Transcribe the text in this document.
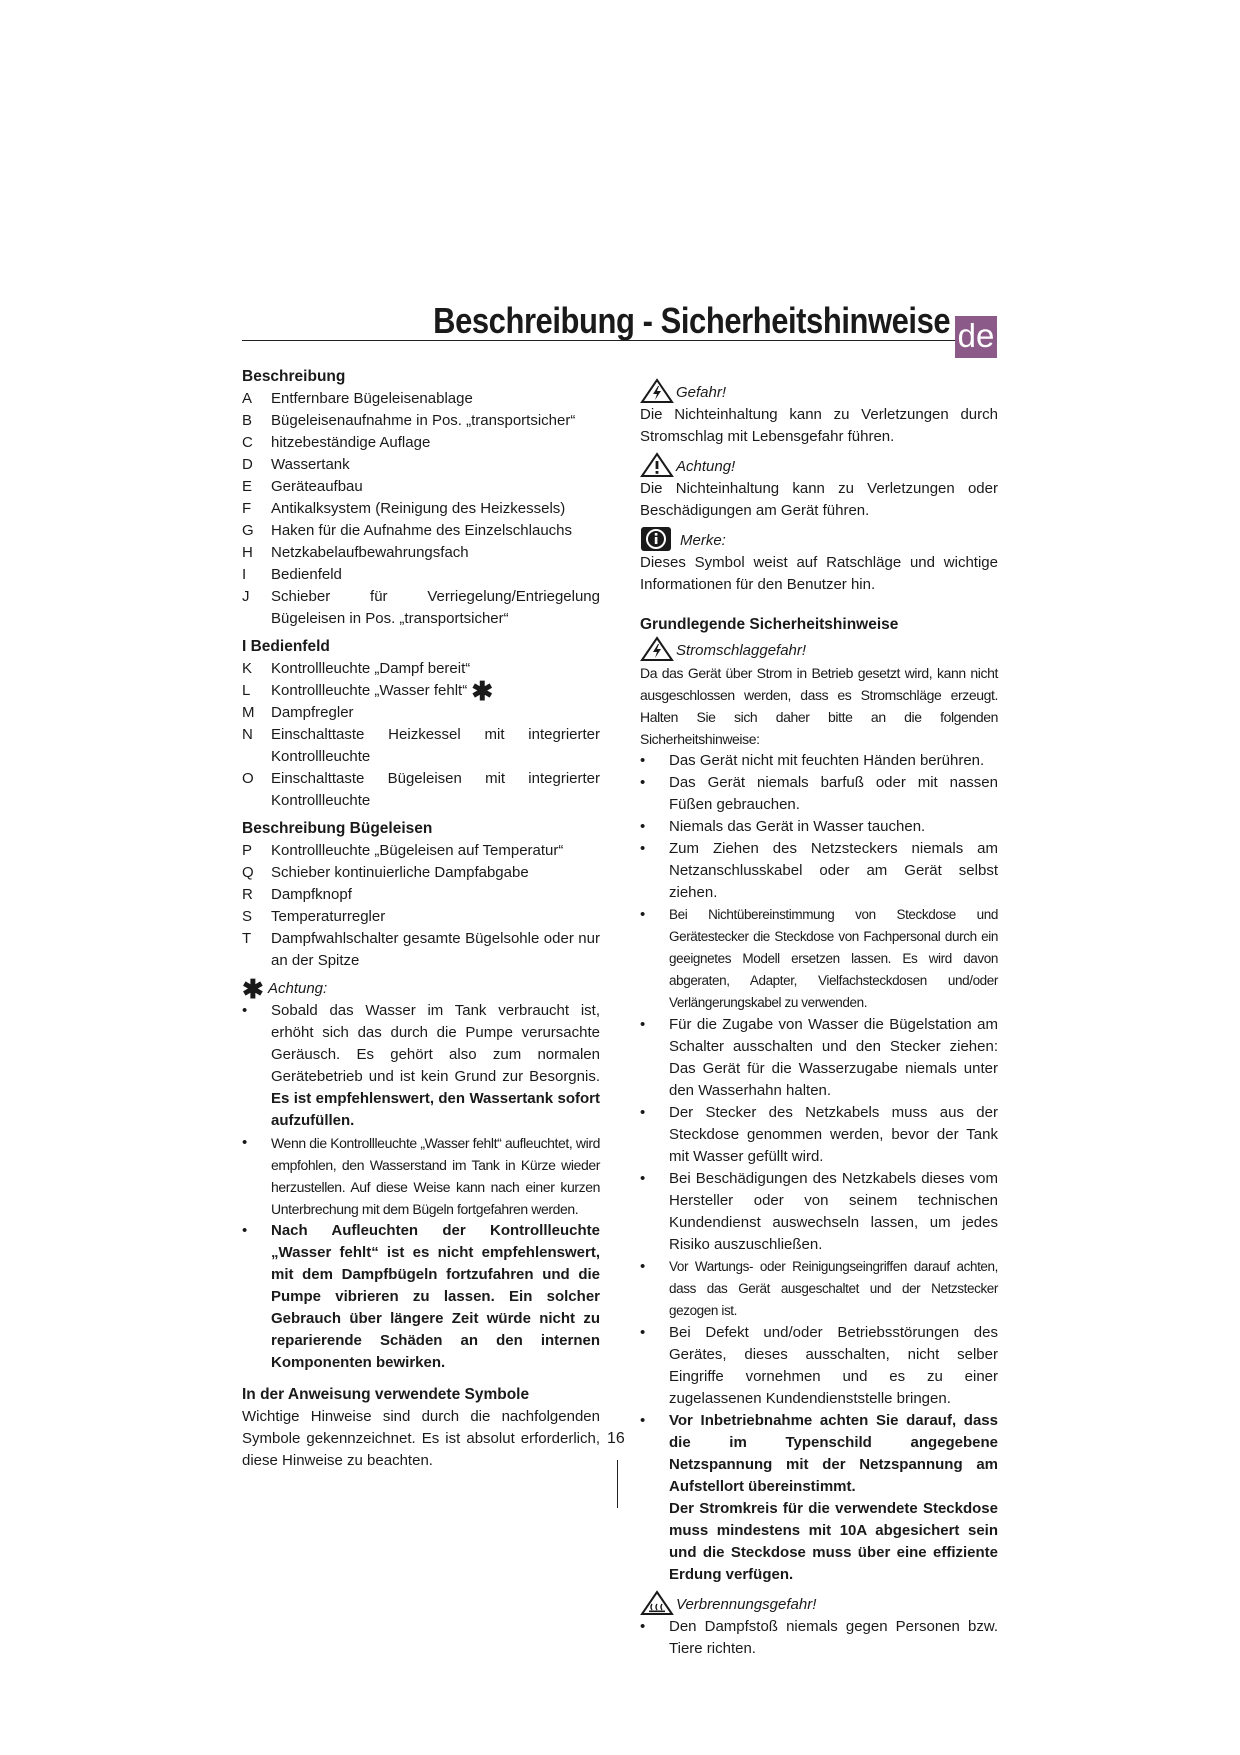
Beschreibung - Sicherheitshinweise de
Beschreibung
A	Entfernbare Bügeleisenablage
B	Bügeleisenaufnahme in Pos. „transportsicher“
C	hitzebeständige Auflage
D	Wassertank
E	Geräteaufbau
F	Antikalksystem (Reinigung des Heizkessels)
G	Haken für die Aufnahme des Einzelschlauchs
H	Netzkabelaufbewahrungsfach
I	Bedienfeld
J	Schieber für Verriegelung/Entriegelung Bügeleisen in Pos. „transportsicher“
I Bedienfeld
K	Kontrollleuchte „Dampf bereit“
L	Kontrollleuchte „Wasser fehlt“ ✱
M	Dampfregler
N	Einschalttaste Heizkessel mit integrierter Kontrollleuchte
O	Einschalttaste Bügeleisen mit integrierter Kontrollleuchte
Beschreibung Bügeleisen
P	Kontrollleuchte „Bügeleisen auf Temperatur“
Q	Schieber kontinuierliche Dampfabgabe
R	Dampfknopf
S	Temperaturregler
T	Dampfwahlschalter gesamte Bügelsohle oder nur an der Spitze
✱ Achtung:
•	Sobald das Wasser im Tank verbraucht ist, erhöht sich das durch die Pumpe verursachte Geräusch. Es gehört also zum normalen Gerätebetrieb und ist kein Grund zur Besorgnis. Es ist empfehlenswert, den Wassertank sofort aufzufüllen.
•	Wenn die Kontrollleuchte „Wasser fehlt“ aufleuchtet, wird empfohlen, den Wasserstand im Tank in Kürze wieder herzustellen. Auf diese Weise kann nach einer kurzen Unterbrechung mit dem Bügeln fortgefahren werden.
•	Nach Aufleuchten der Kontrollleuchte „Wasser fehlt“ ist es nicht empfehlenswert, mit dem Dampfbügeln fortzufahren und die Pumpe vibrieren zu lassen. Ein solcher Gebrauch über längere Zeit würde nicht zu reparierende Schäden an den internen Komponenten bewirken.
In der Anweisung verwendete Symbole
Wichtige Hinweise sind durch die nachfolgenden Symbole gekennzeichnet. Es ist absolut erforderlich, diese Hinweise zu beachten.
Gefahr!
Die Nichteinhaltung kann zu Verletzungen durch Stromschlag mit Lebensgefahr führen.
Achtung!
Die Nichteinhaltung kann zu Verletzungen oder Beschädigungen am Gerät führen.
Merke:
Dieses Symbol weist auf Ratschläge und wichtige Informationen für den Benutzer hin.
Grundlegende Sicherheitshinweise
Stromschlaggefahr!
Da das Gerät über Strom in Betrieb gesetzt wird, kann nicht ausgeschlossen werden, dass es Stromschläge erzeugt. Halten Sie sich daher bitte an die folgenden Sicherheitshinweise:
•	Das Gerät nicht mit feuchten Händen berühren.
•	Das Gerät niemals barfuß oder mit nassen Füßen gebrauchen.
•	Niemals das Gerät in Wasser tauchen.
•	Zum Ziehen des Netzsteckers niemals am Netzanschlusskabel oder am Gerät selbst ziehen.
•	Bei Nichtübereinstimmung von Steckdose und Gerätestecker die Steckdose von Fachpersonal durch ein geeignetes Modell ersetzen lassen. Es wird davon abgeraten, Adapter, Vielfachsteckdosen und/oder Verlängerungskabel zu verwenden.
•	Für die Zugabe von Wasser die Bügelstation am Schalter ausschalten und den Stecker ziehen: Das Gerät für die Wasserzugabe niemals unter den Wasserhahn halten.
•	Der Stecker des Netzkabels muss aus der Steckdose genommen werden, bevor der Tank mit Wasser gefüllt wird.
•	Bei Beschädigungen des Netzkabels dieses vom Hersteller oder von seinem technischen Kundendienst auswechseln lassen, um jedes Risiko auszuschließen.
•	Vor Wartungs- oder Reinigungseingriffen darauf achten, dass das Gerät ausgeschaltet und der Netzstecker gezogen ist.
•	Bei Defekt und/oder Betriebsstörungen des Gerätes, dieses ausschalten, nicht selber Eingriffe vornehmen und es zu einer zugelassenen Kundendienststelle bringen.
•	Vor Inbetriebnahme achten Sie darauf, dass die im Typenschild angegebene Netzspannung mit der Netzspannung am Aufstellort übereinstimmt.
Der Stromkreis für die verwendete Steckdose muss mindestens mit 10A abgesichert sein und die Steckdose muss über eine effiziente Erdung verfügen.
Verbrennungsgefahr!
•	Den Dampfstoß niemals gegen Personen bzw. Tiere richten.
16
